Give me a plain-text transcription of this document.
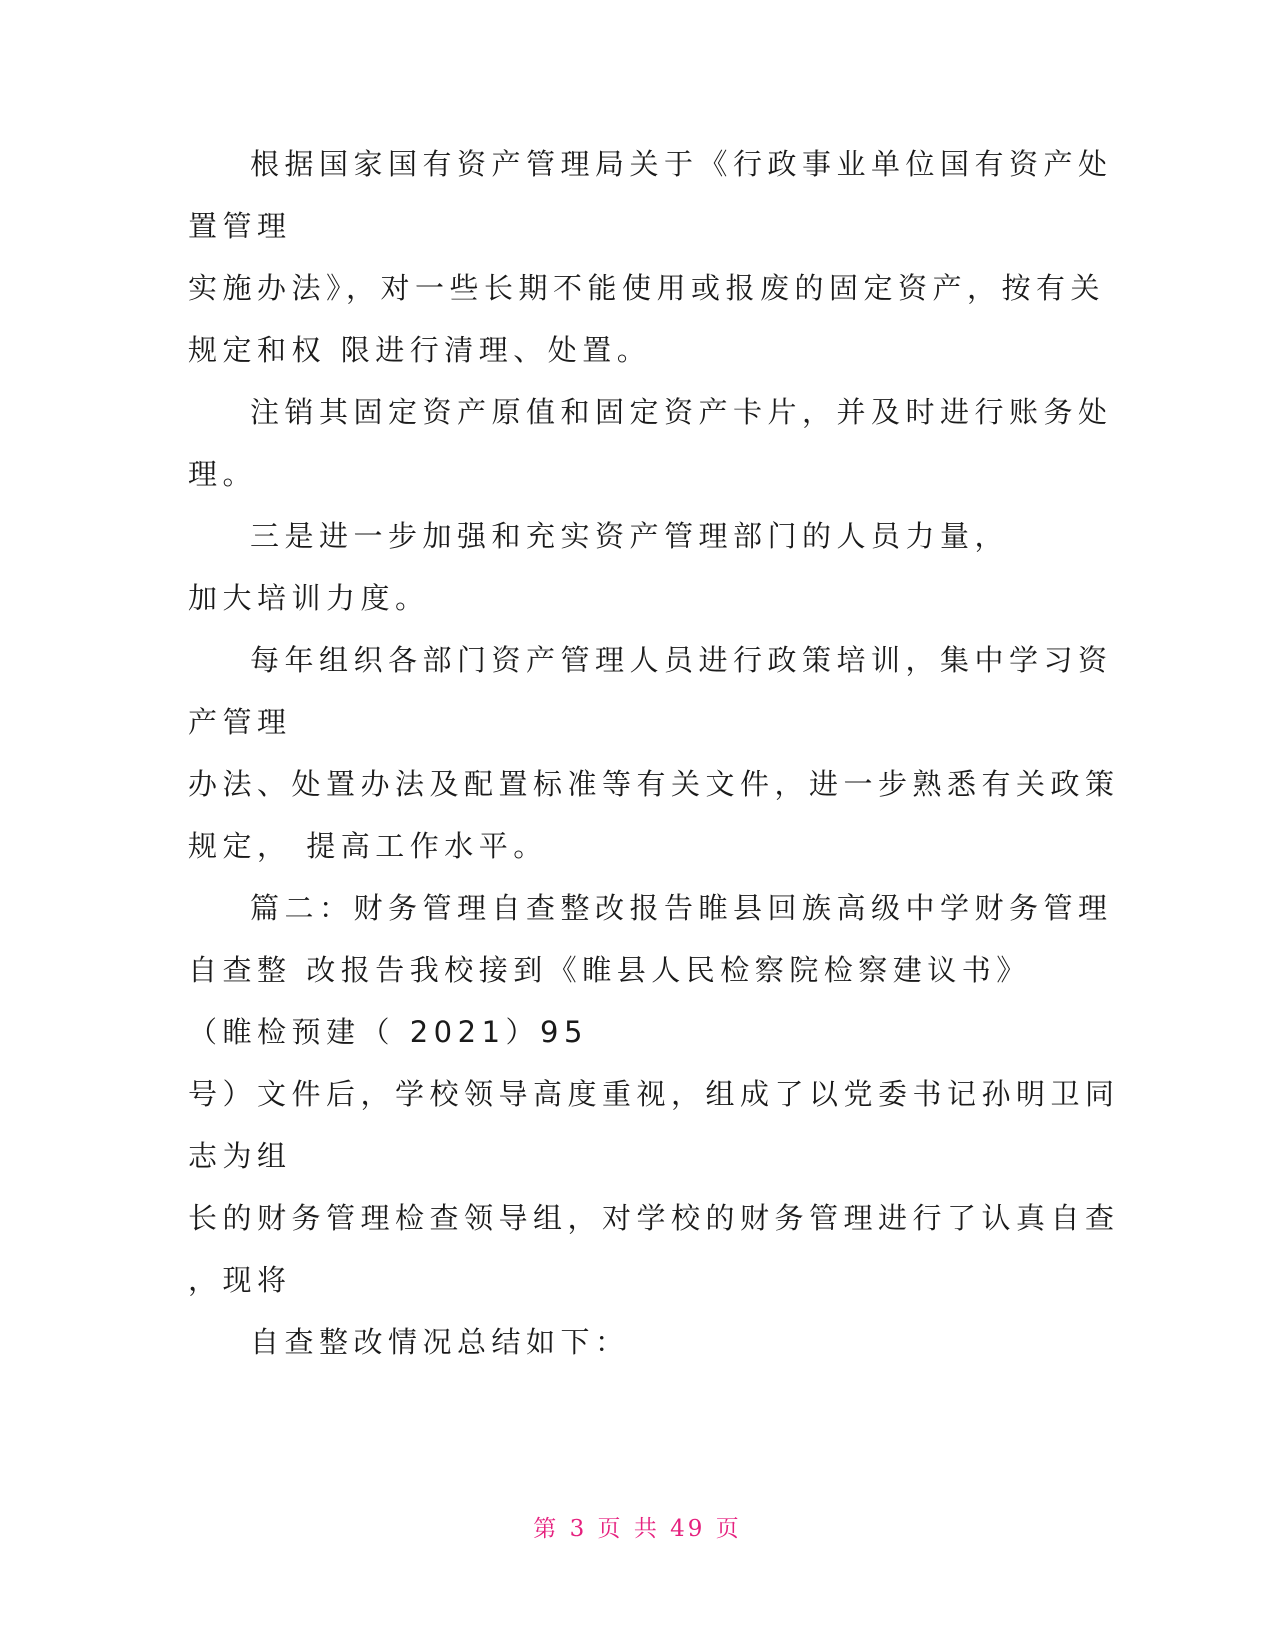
根据国家国有资产管理局关于《行政事业单位国有资产处
置管理
实施办法》，对一些长期不能使用或报废的固定资产，按有关
规定和权 限进行清理、处置。
注销其固定资产原值和固定资产卡片，并及时进行账务处
理。
三是进一步加强和充实资产管理部门的人员力量，
加大培训力度。
每年组织各部门资产管理人员进行政策培训，集中学习资
产管理
办法、处置办法及配置标准等有关文件，进一步熟悉有关政策
规定， 提高工作水平。
篇二：财务管理自查整改报告睢县回族高级中学财务管理
自查整 改报告我校接到《睢县人民检察院检察建议书》
（睢检预建（ 2021）95
号）文件后，学校领导高度重视，组成了以党委书记孙明卫同
志为组
长的财务管理检查领导组，对学校的财务管理进行了认真自查
，现将
自查整改情况总结如下：
第 3 页 共 49 页
